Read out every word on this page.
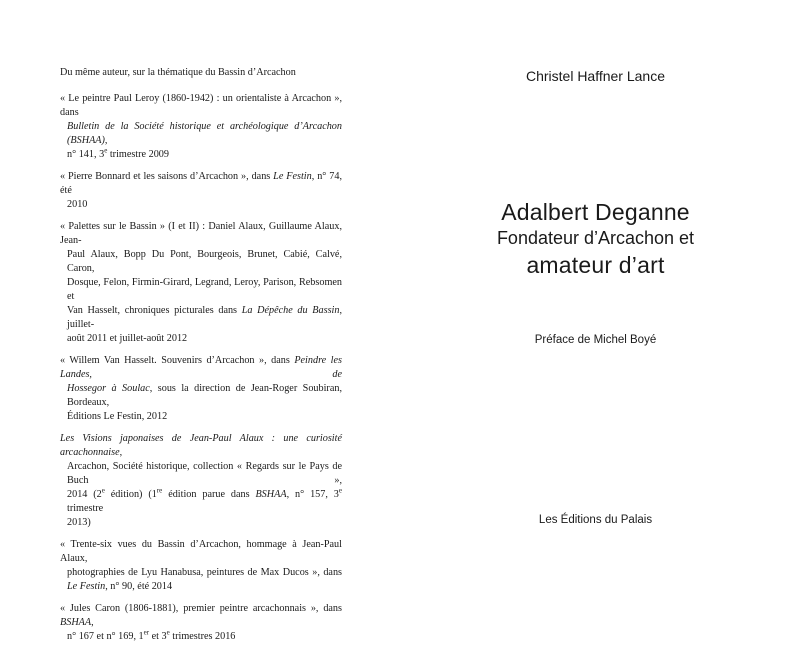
Du même auteur, sur la thématique du Bassin d’Arcachon
« Le peintre Paul Leroy (1860-1942) : un orientaliste à Arcachon », dans
Bulletin de la Société historique et archéologique d’Arcachon (BSHAA),
n° 141, 3e trimestre 2009
« Pierre Bonnard et les saisons d’Arcachon », dans Le Festin, n° 74, été
2010
« Palettes sur le Bassin » (I et II) : Daniel Alaux, Guillaume Alaux, Jean-
Paul Alaux, Bopp Du Pont, Bourgeois, Brunet, Cabié, Calvé, Caron,
Dosque, Felon, Firmin-Girard, Legrand, Leroy, Parison, Rebsomen et
Van Hasselt, chroniques picturales dans La Dépêche du Bassin, juillet-
août 2011 et juillet-août 2012
« Willem Van Hasselt. Souvenirs d’Arcachon », dans Peindre les Landes, de
Hossegor à Soulac, sous la direction de Jean-Roger Soubiran, Bordeaux,
Éditions Le Festin, 2012
Les Visions japonaises de Jean-Paul Alaux : une curiosité arcachonnaise,
Arcachon, Société historique, collection « Regards sur le Pays de Buch »,
2014 (2e édition) (1re édition parue dans BSHAA, n° 157, 3e trimestre
2013)
« Trente-six vues du Bassin d’Arcachon, hommage à Jean-Paul Alaux,
photographies de Lyu Hanabusa, peintures de Max Ducos », dans
Le Festin, n° 90, été 2014
« Jules Caron (1806-1881), premier peintre arcachonnais », dans BSHAA,
n° 167 et n° 169, 1er et 3e trimestres 2016
Christel Haffner Lance

Adalbert Deganne

Fondateur d’Arcachon et

amateur d’art

Préface de Michel Boyé

Les Éditions du Palais
